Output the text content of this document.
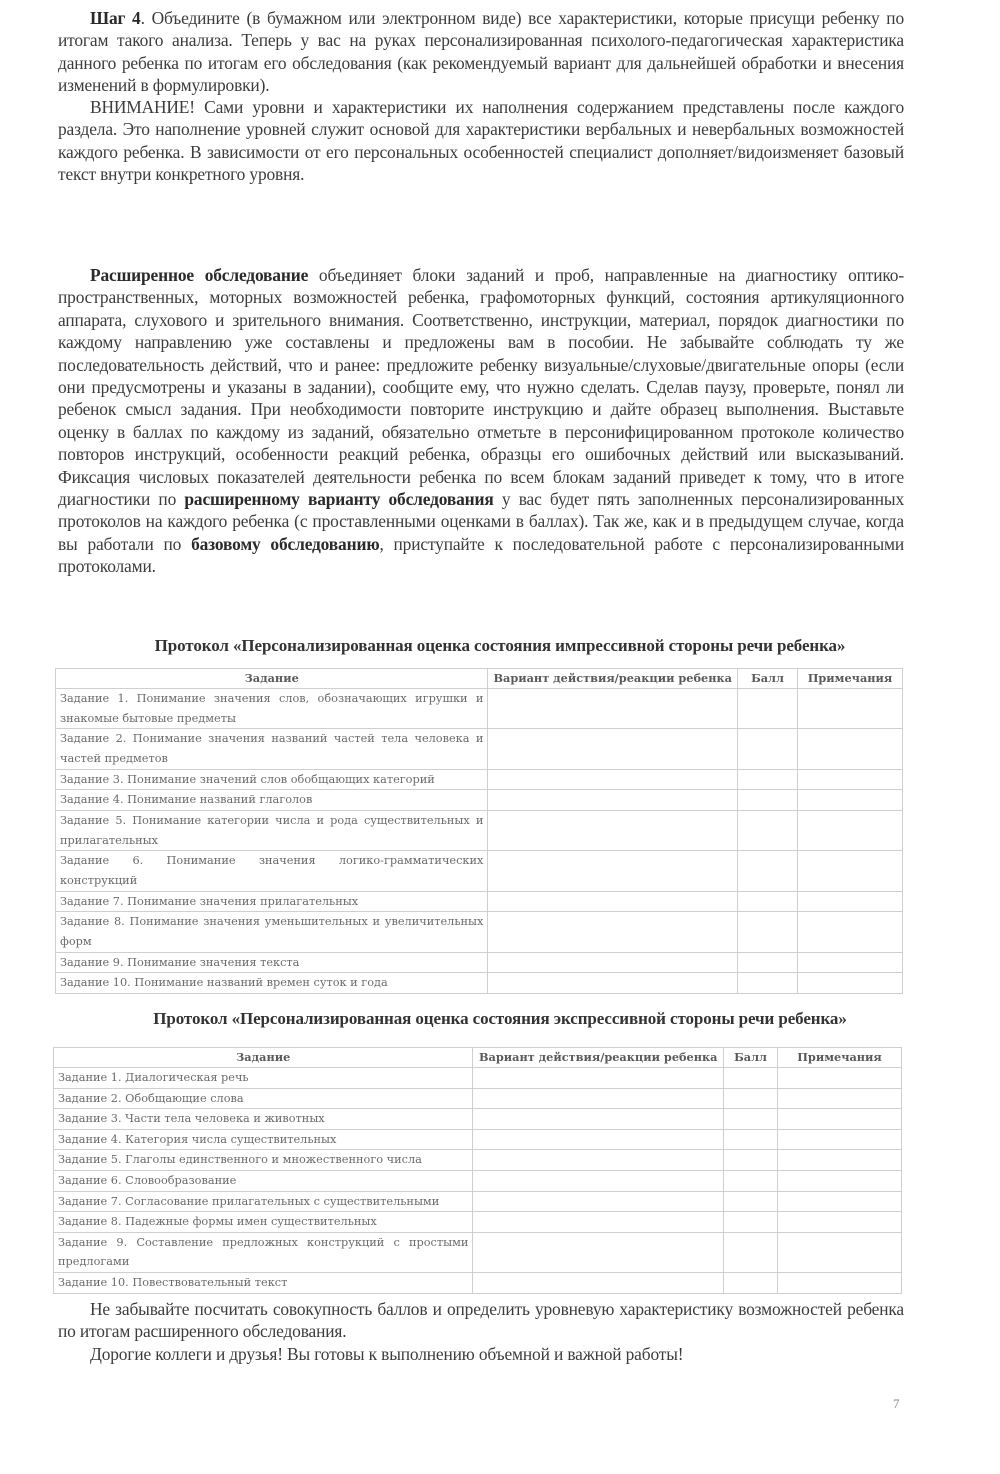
Шаг 4. Объедините (в бумажном или электронном виде) все характеристики, которые присущи ребенку по итогам такого анализа. Теперь у вас на руках персонализированная психолого-педагогическая характеристика данного ребенка по итогам его обследования (как рекомендуемый вариант для дальнейшей обработки и внесения изменений в формулировки).
ВНИМАНИЕ! Сами уровни и характеристики их наполнения содержанием представлены после каждого раздела. Это наполнение уровней служит основой для характеристики вербальных и невербальных возможностей каждого ребенка. В зависимости от его персональных особенностей специалист дополняет/видоизменяет базовый текст внутри конкретного уровня.
Расширенное обследование объединяет блоки заданий и проб, направленные на диагностику оптико-пространственных, моторных возможностей ребенка, графомоторных функций, состояния артикуляционного аппарата, слухового и зрительного внимания. Соответственно, инструкции, материал, порядок диагностики по каждому направлению уже составлены и предложены вам в пособии. Не забывайте соблюдать ту же последовательность действий, что и ранее: предложите ребенку визуальные/слуховые/двигательные опоры (если они предусмотрены и указаны в задании), сообщите ему, что нужно сделать. Сделав паузу, проверьте, понял ли ребенок смысл задания. При необходимости повторите инструкцию и дайте образец выполнения. Выставьте оценку в баллах по каждому из заданий, обязательно отметьте в персонифицированном протоколе количество повторов инструкций, особенности реакций ребенка, образцы его ошибочных действий или высказываний. Фиксация числовых показателей деятельности ребенка по всем блокам заданий приведет к тому, что в итоге диагностики по расширенному варианту обследования у вас будет пять заполненных персонализированных протоколов на каждого ребенка (с проставленными оценками в баллах). Так же, как и в предыдущем случае, когда вы работали по базовому обследованию, приступайте к последовательной работе с персонализированными протоколами.
Протокол «Персонализированная оценка состояния импрессивной стороны речи ребенка»
Задание	Вариант действия/реакции ребенка	Балл	Примечания
Задание 1. Понимание значения слов, обозначающих игрушки и знакомые бытовые предметы			
Задание 2. Понимание значения названий частей тела человека и частей предметов			
Задание 3. Понимание значений слов обобщающих категорий			
Задание 4. Понимание названий глаголов			
Задание 5. Понимание категории числа и рода существительных и прилагательных			
Задание 6. Понимание значения логико-грамматических конструкций			
Задание 7. Понимание значения прилагательных			
Задание 8. Понимание значения уменьшительных и увеличительных форм			
Задание 9. Понимание значения текста			
Задание 10. Понимание названий времен суток и года			
Протокол «Персонализированная оценка состояния экспрессивной стороны речи ребенка»
Задание	Вариант действия/реакции ребенка	Балл	Примечания
Задание 1. Диалогическая речь			
Задание 2. Обобщающие слова			
Задание 3. Части тела человека и животных			
Задание 4. Категория числа существительных			
Задание 5. Глаголы единственного и множественного числа			
Задание 6. Словообразование			
Задание 7. Согласование прилагательных с существительными			
Задание 8. Падежные формы имен существительных			
Задание 9. Составление предложных конструкций с простыми предлогами			
Задание 10. Повествовательный текст			
Не забывайте посчитать совокупность баллов и определить уровневую характеристику возможностей ребенка по итогам расширенного обследования.
Дорогие коллеги и друзья! Вы готовы к выполнению объемной и важной работы!
7
